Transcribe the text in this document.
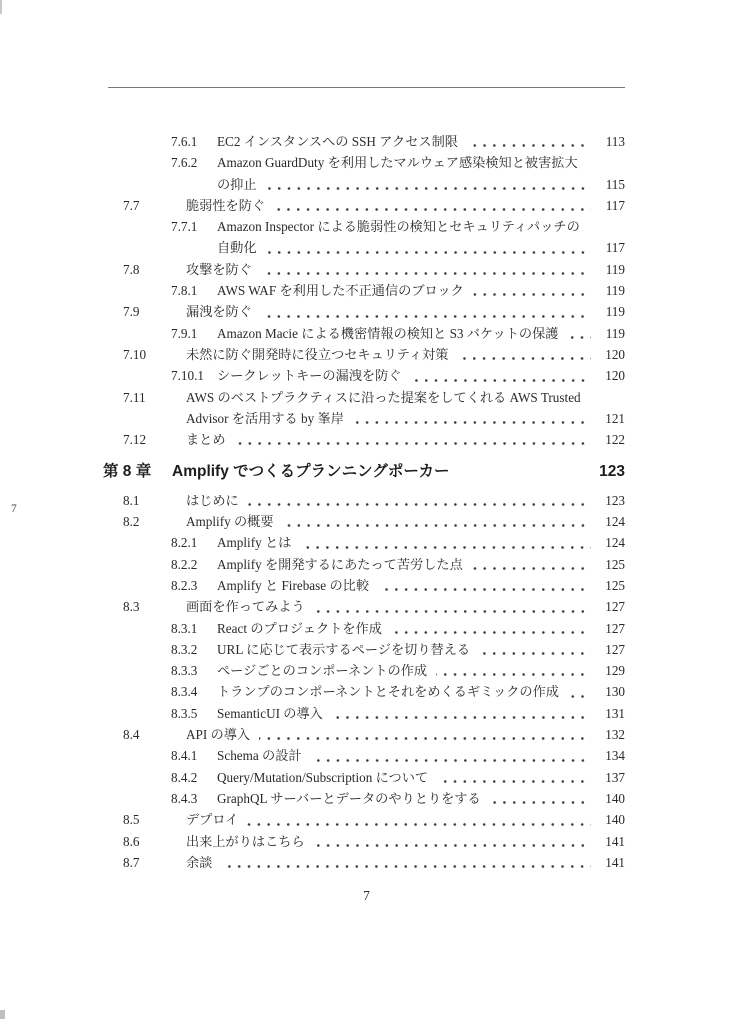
7
7.6.1	EC2 インスタンスへの SSH アクセス制限	113
7.6.2	Amazon GuardDuty を利用したマルウェア感染検知と被害拡大
の抑止	115
7.7	脆弱性を防ぐ	117
7.7.1	Amazon Inspector による脆弱性の検知とセキュリティパッチの
自動化	117
7.8	攻撃を防ぐ	119
7.8.1	AWS WAF を利用した不正通信のブロック	119
7.9	漏洩を防ぐ	119
7.9.1	Amazon Macie による機密情報の検知と S3 バケットの保護	119
7.10	未然に防ぐ開発時に役立つセキュリティ対策	120
7.10.1 シークレットキーの漏洩を防ぐ	120
7.11	AWS のベストプラクティスに沿った提案をしてくれる AWS Trusted
Advisor を活用する by 峯岸	121
7.12	まとめ	122
第 8 章	Amplify でつくるプランニングポーカー	123
8.1	はじめに	123
8.2	Amplify の概要	124
8.2.1	Amplify とは	124
8.2.2	Amplify を開発するにあたって苦労した点	125
8.2.3	Amplify と Firebase の比較	125
8.3	画面を作ってみよう	127
8.3.1	React のプロジェクトを作成	127
8.3.2	URL に応じて表示するページを切り替える	127
8.3.3	ページごとのコンポーネントの作成	129
8.3.4	トランプのコンポーネントとそれをめくるギミックの作成	130
8.3.5	SemanticUI の導入	131
8.4	API の導入	132
8.4.1	Schema の設計	134
8.4.2	Query/Mutation/Subscription について	137
8.4.3	GraphQL サーバーとデータのやりとりをする	140
8.5	デプロイ	140
8.6	出来上がりはこちら	141
8.7	余談	141
7
